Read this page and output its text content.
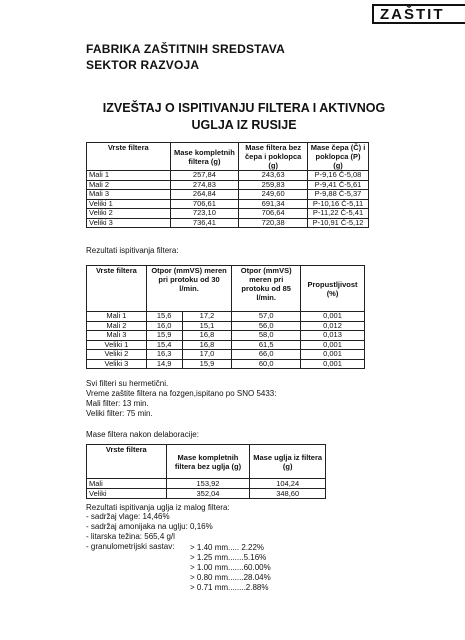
ZAŠTIT
FABRIKA ZAŠTITNIH SREDSTAVA
SEKTOR RAZVOJA
IZVEŠTAJ O ISPITIVANJU FILTERA I AKTIVNOG
UGLJA IZ RUSIJE
Vrste filtera	Mase kompletnih filtera (g)	Mase filtera bez čepa i poklopca (g)	Mase čepa (Č) i poklopca (P) (g)
Mali 1	257,84	243,63	P-9,16 Č-5,08
Mali 2	274,83	259,83	P-9,41 Č-5,61
Mali 3	264,84	249,60	P-9,88 Č-5,37
Veliki 1	706,61	691,34	P-10,16 Č-5,11
Veliki 2	723,10	706,64	P-11,22 Č-5,41
Veliki 3	736,41	720,38	P-10,91 Č-5,12
Rezultati ispitivanja filtera:
Vrste filtera	Otpor (mmVS) meren pri protoku od 30 l/min.		Otpor (mmVS) meren pri protoku od 85 l/min.	Propustljivost (%)
Mali 1	15,6	17,2	57,0	0,001
Mali 2	16,0	15,1	56,0	0,012
Mali 3	15,9	16,8	58,0	0,013
Veliki 1	15,4	16,8	61,5	0,001
Veliki 2	16,3	17,0	66,0	0,001
Veliki 3	14,9	15,9	60,0	0,001
Svi filteri su hermetični.
Vreme zaštite filtera na fozgen,ispitano po SNO 5433:
Mali filter: 13 min.
Veliki filter: 75 min.
Mase filtera nakon delaboracije:
Vrste filtera	Mase kompletnih filtera bez uglja (g)	Mase uglja iz filtera (g)
Mali	153,92	104,24
Veliki	352,04	348,60
Rezultati ispitivanja uglja iz malog filtera:
- sadržaj vlage: 14,46%
- sadržaj amonijaka na uglju: 0,16%
- litarska težina: 565,4 g/l
- granulometrijski sastav: > 1.40 mm..... 2.22%
> 1.25 mm.......5.16%
> 1.00 mm.......60.00%
> 0.80 mm.......28.04%
> 0.71 mm........2.88%
